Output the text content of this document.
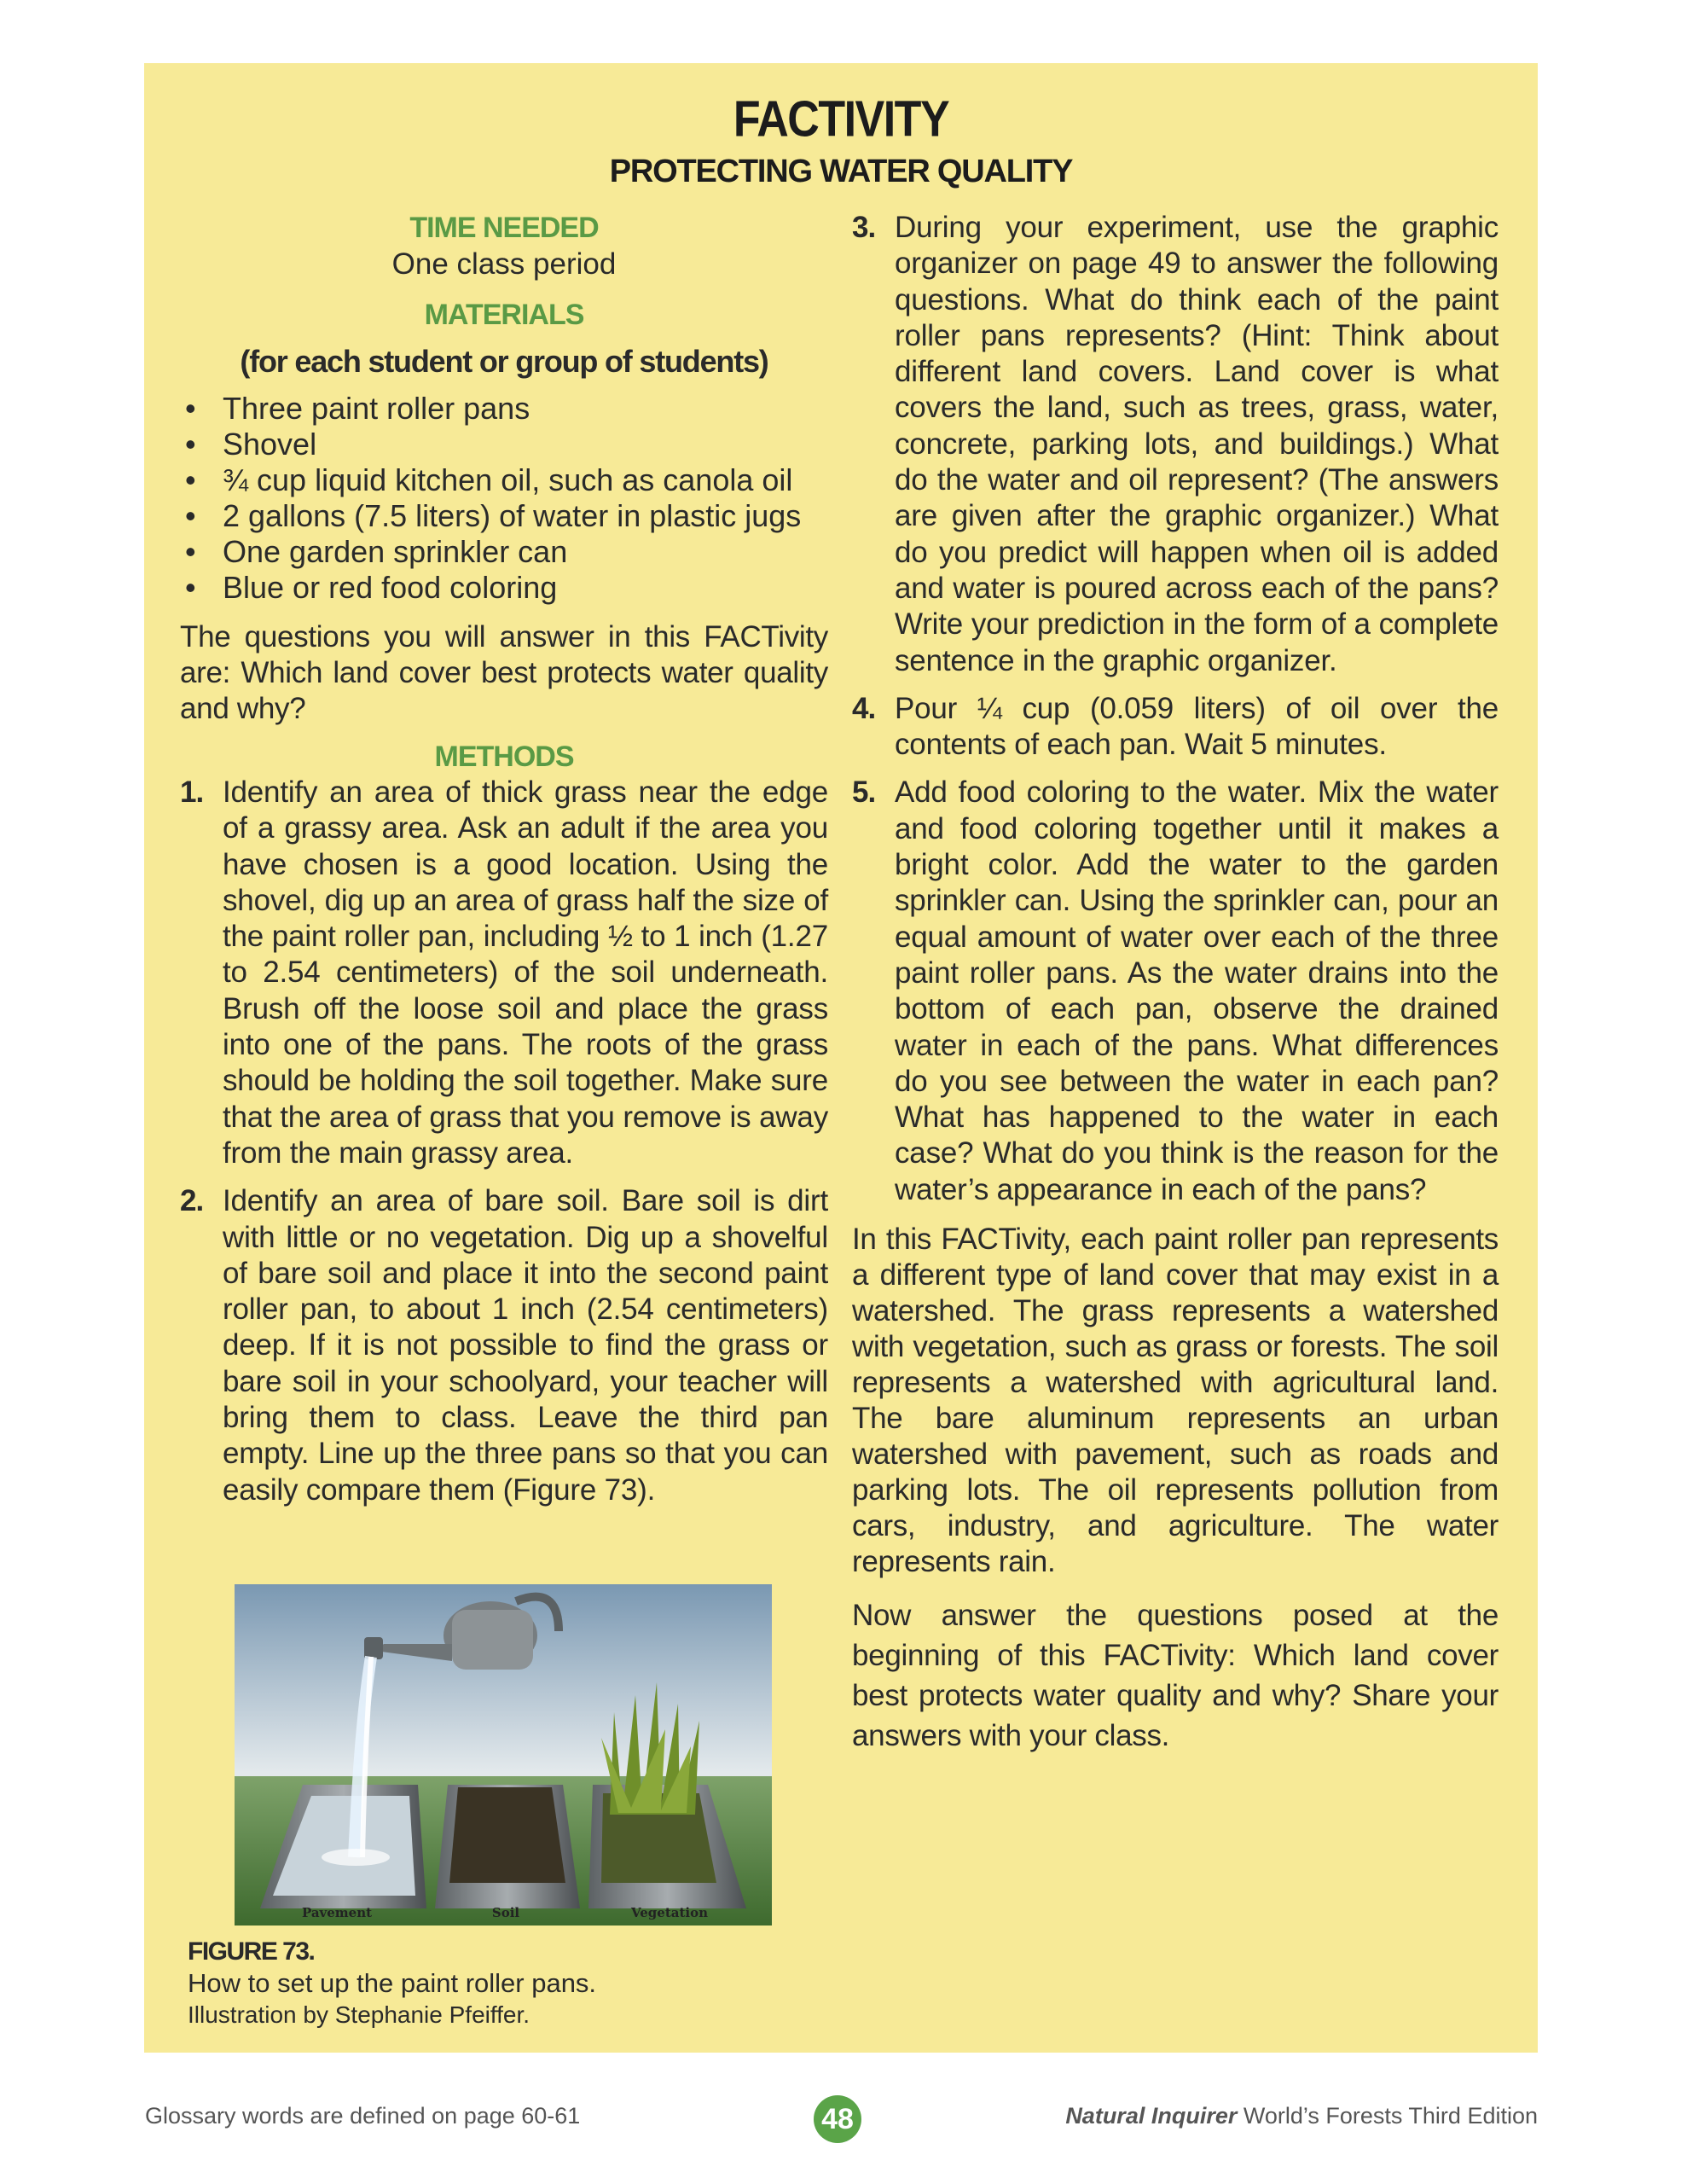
FACTIVITY
PROTECTING WATER QUALITY
TIME NEEDED
One class period
MATERIALS
(for each student or group of students)
• Three paint roller pans
• Shovel
• ¾ cup liquid kitchen oil, such as canola oil
• 2 gallons (7.5 liters) of water in plastic jugs
• One garden sprinkler can
• Blue or red food coloring
The questions you will answer in this FACTivity are: Which land cover best protects water quality and why?
METHODS
1. Identify an area of thick grass near the edge of a grassy area. Ask an adult if the area you have chosen is a good location. Using the shovel, dig up an area of grass half the size of the paint roller pan, including ½ to 1 inch (1.27 to 2.54 centimeters) of the soil underneath. Brush off the loose soil and place the grass into one of the pans. The roots of the grass should be holding the soil together. Make sure that the area of grass that you remove is away from the main grassy area.
2. Identify an area of bare soil. Bare soil is dirt with little or no vegetation. Dig up a shovelful of bare soil and place it into the second paint roller pan, to about 1 inch (2.54 centimeters) deep. If it is not possible to find the grass or bare soil in your schoolyard, your teacher will bring them to class. Leave the third pan empty. Line up the three pans so that you can easily compare them (Figure 73).
Pavement	Soil	Vegetation
FIGURE 73.
How to set up the paint roller pans.
Illustration by Stephanie Pfeiffer.
3. During your experiment, use the graphic organizer on page 49 to answer the following questions. What do think each of the paint roller pans represents? (Hint: Think about different land covers. Land cover is what covers the land, such as trees, grass, water, concrete, parking lots, and buildings.) What do the water and oil represent? (The answers are given after the graphic organizer.) What do you predict will happen when oil is added and water is poured across each of the pans? Write your prediction in the form of a complete sentence in the graphic organizer.
4. Pour ¼ cup (0.059 liters) of oil over the contents of each pan. Wait 5 minutes.
5. Add food coloring to the water. Mix the water and food coloring together until it makes a bright color. Add the water to the garden sprinkler can. Using the sprinkler can, pour an equal amount of water over each of the three paint roller pans. As the water drains into the bottom of each pan, observe the drained water in each of the pans. What differences do you see between the water in each pan? What has happened to the water in each case? What do you think is the reason for the water’s appearance in each of the pans?
In this FACTivity, each paint roller pan represents a different type of land cover that may exist in a watershed. The grass represents a watershed with vegetation, such as grass or forests. The soil represents a watershed with agricultural land. The bare aluminum represents an urban watershed with pavement, such as roads and parking lots. The oil represents pollution from cars, industry, and agriculture. The water represents rain.
Now answer the questions posed at the beginning of this FACTivity: Which land cover best protects water quality and why? Share your answers with your class.
Glossary words are defined on page 60-61	48	Natural Inquirer World’s Forests Third Edition
